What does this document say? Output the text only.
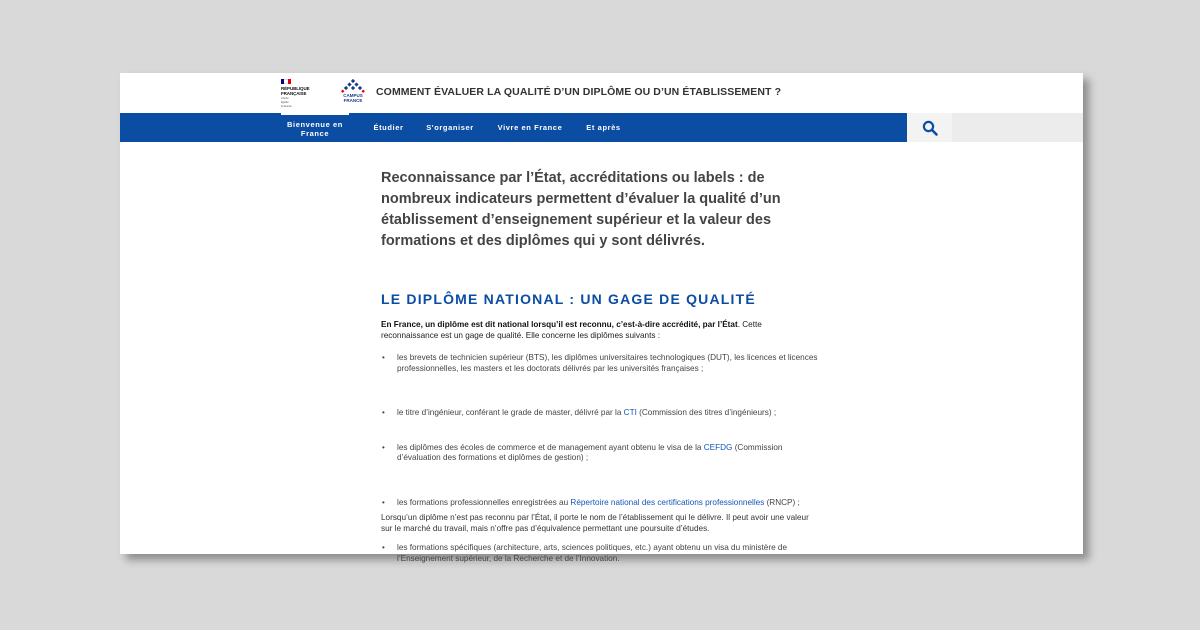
RÉPUBLIQUE
FRANÇAISE
Liberté
Égalité
Fraternité
CAMPUS
FRANCE
COMMENT ÉVALUER LA QUALITÉ D’UN DIPLÔME OU D’UN ÉTABLISSEMENT ?
Bienvenue en France
Étudier	S'organiser	Vivre en France	Et après

Reconnaissance par l’État, accréditations ou labels : de nombreux indicateurs permettent d’évaluer la qualité d’un établissement d’enseignement supérieur et la valeur des formations et des diplômes qui y sont délivrés.

LE DIPLÔME NATIONAL : UN GAGE DE QUALITÉ

En France, un diplôme est dit national lorsqu’il est reconnu, c’est-à-dire accrédité, par l’État. Cette reconnaissance est un gage de qualité. Elle concerne les diplômes suivants :

• les brevets de technicien supérieur (BTS), les diplômes universitaires technologiques (DUT), les licences et licences professionnelles, les masters et les doctorats délivrés par les universités françaises ;
• le titre d’ingénieur, conférant le grade de master, délivré par la CTI (Commission des titres d’ingénieurs) ;
• les diplômes des écoles de commerce et de management ayant obtenu le visa de la CEFDG (Commission d’évaluation des formations et diplômes de gestion) ;
• les formations professionnelles enregistrées au Répertoire national des certifications professionnelles (RNCP) ;
• les formations spécifiques (architecture, arts, sciences politiques, etc.) ayant obtenu un visa du ministère de l’Enseignement supérieur, de la Recherche et de l’Innovation.

Lorsqu’un diplôme n’est pas reconnu par l’État, il porte le nom de l’établissement qui le délivre. Il peut avoir une valeur sur le marché du travail, mais n’offre pas d’équivalence permettant une poursuite d’études.
